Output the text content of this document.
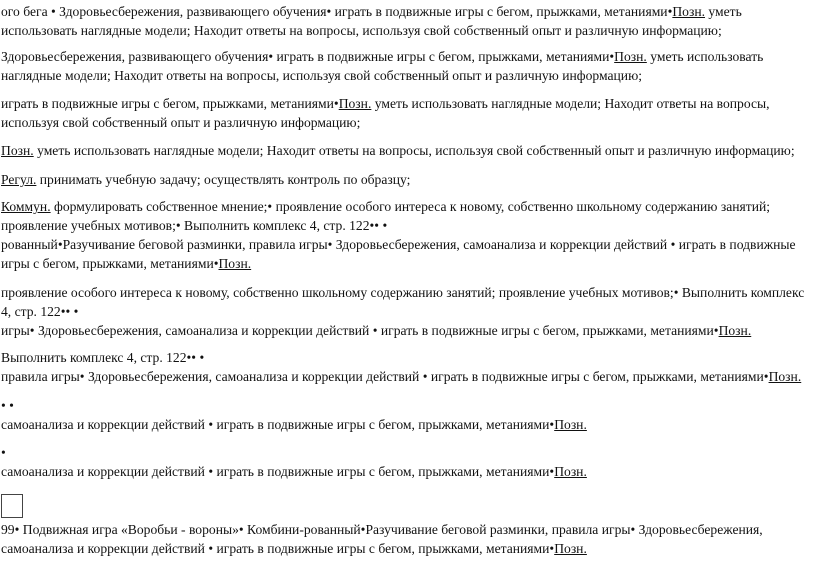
ого бега • Здоровьесбережения, развивающего обучения• играть в подвижные игры с бегом, прыжками, метаниями•Позн. уметь использовать наглядные модели; Находит ответы на вопросы, используя свой собственный опыт и различную информацию;

Здоровьесбережения, развивающего обучения• играть в подвижные игры с бегом, прыжками, метаниями•Позн. уметь использовать наглядные модели; Находит ответы на вопросы, используя свой собственный опыт и различную информацию;

играть в подвижные игры с бегом, прыжками, метаниями•Позн. уметь использовать наглядные модели; Находит ответы на вопросы, используя свой собственный опыт и различную информацию;

Позн. уметь использовать наглядные модели; Находит ответы на вопросы, используя свой собственный опыт и различную информацию;

Регул. принимать учебную задачу; осуществлять контроль по образцу;

Коммун. формулировать собственное мнение;• проявление особого интереса к новому, собственно школьному содержанию занятий; проявление учебных мотивов;• Выполнить комплекс 4, стр. 122•• •
рованный•Разучивание беговой разминки, правила игры• Здоровьесбережения, самоанализа и коррекции действий • играть в подвижные игры с бегом, прыжками, метаниями•Позн.

проявление особого интереса к новому, собственно школьному содержанию занятий; проявление учебных мотивов;• Выполнить комплекс 4, стр. 122•• •
игры• Здоровьесбережения, самоанализа и коррекции действий • играть в подвижные игры с бегом, прыжками, метаниями•Позн.

Выполнить комплекс 4, стр. 122•• •
правила игры• Здоровьесбережения, самоанализа и коррекции действий • играть в подвижные игры с бегом, прыжками, метаниями•Позн.

• •
самоанализа и коррекции действий • играть в подвижные игры с бегом, прыжками, метаниями•Позн.

•
самоанализа и коррекции действий • играть в подвижные игры с бегом, прыжками, метаниями•Позн.

99• Подвижная игра «Воробьи - вороны»• Комбини-рованный•Разучивание беговой разминки, правила игры• Здоровьесбережения, самоанализа и коррекции действий • играть в подвижные игры с бегом, прыжками, метаниями•Позн.
